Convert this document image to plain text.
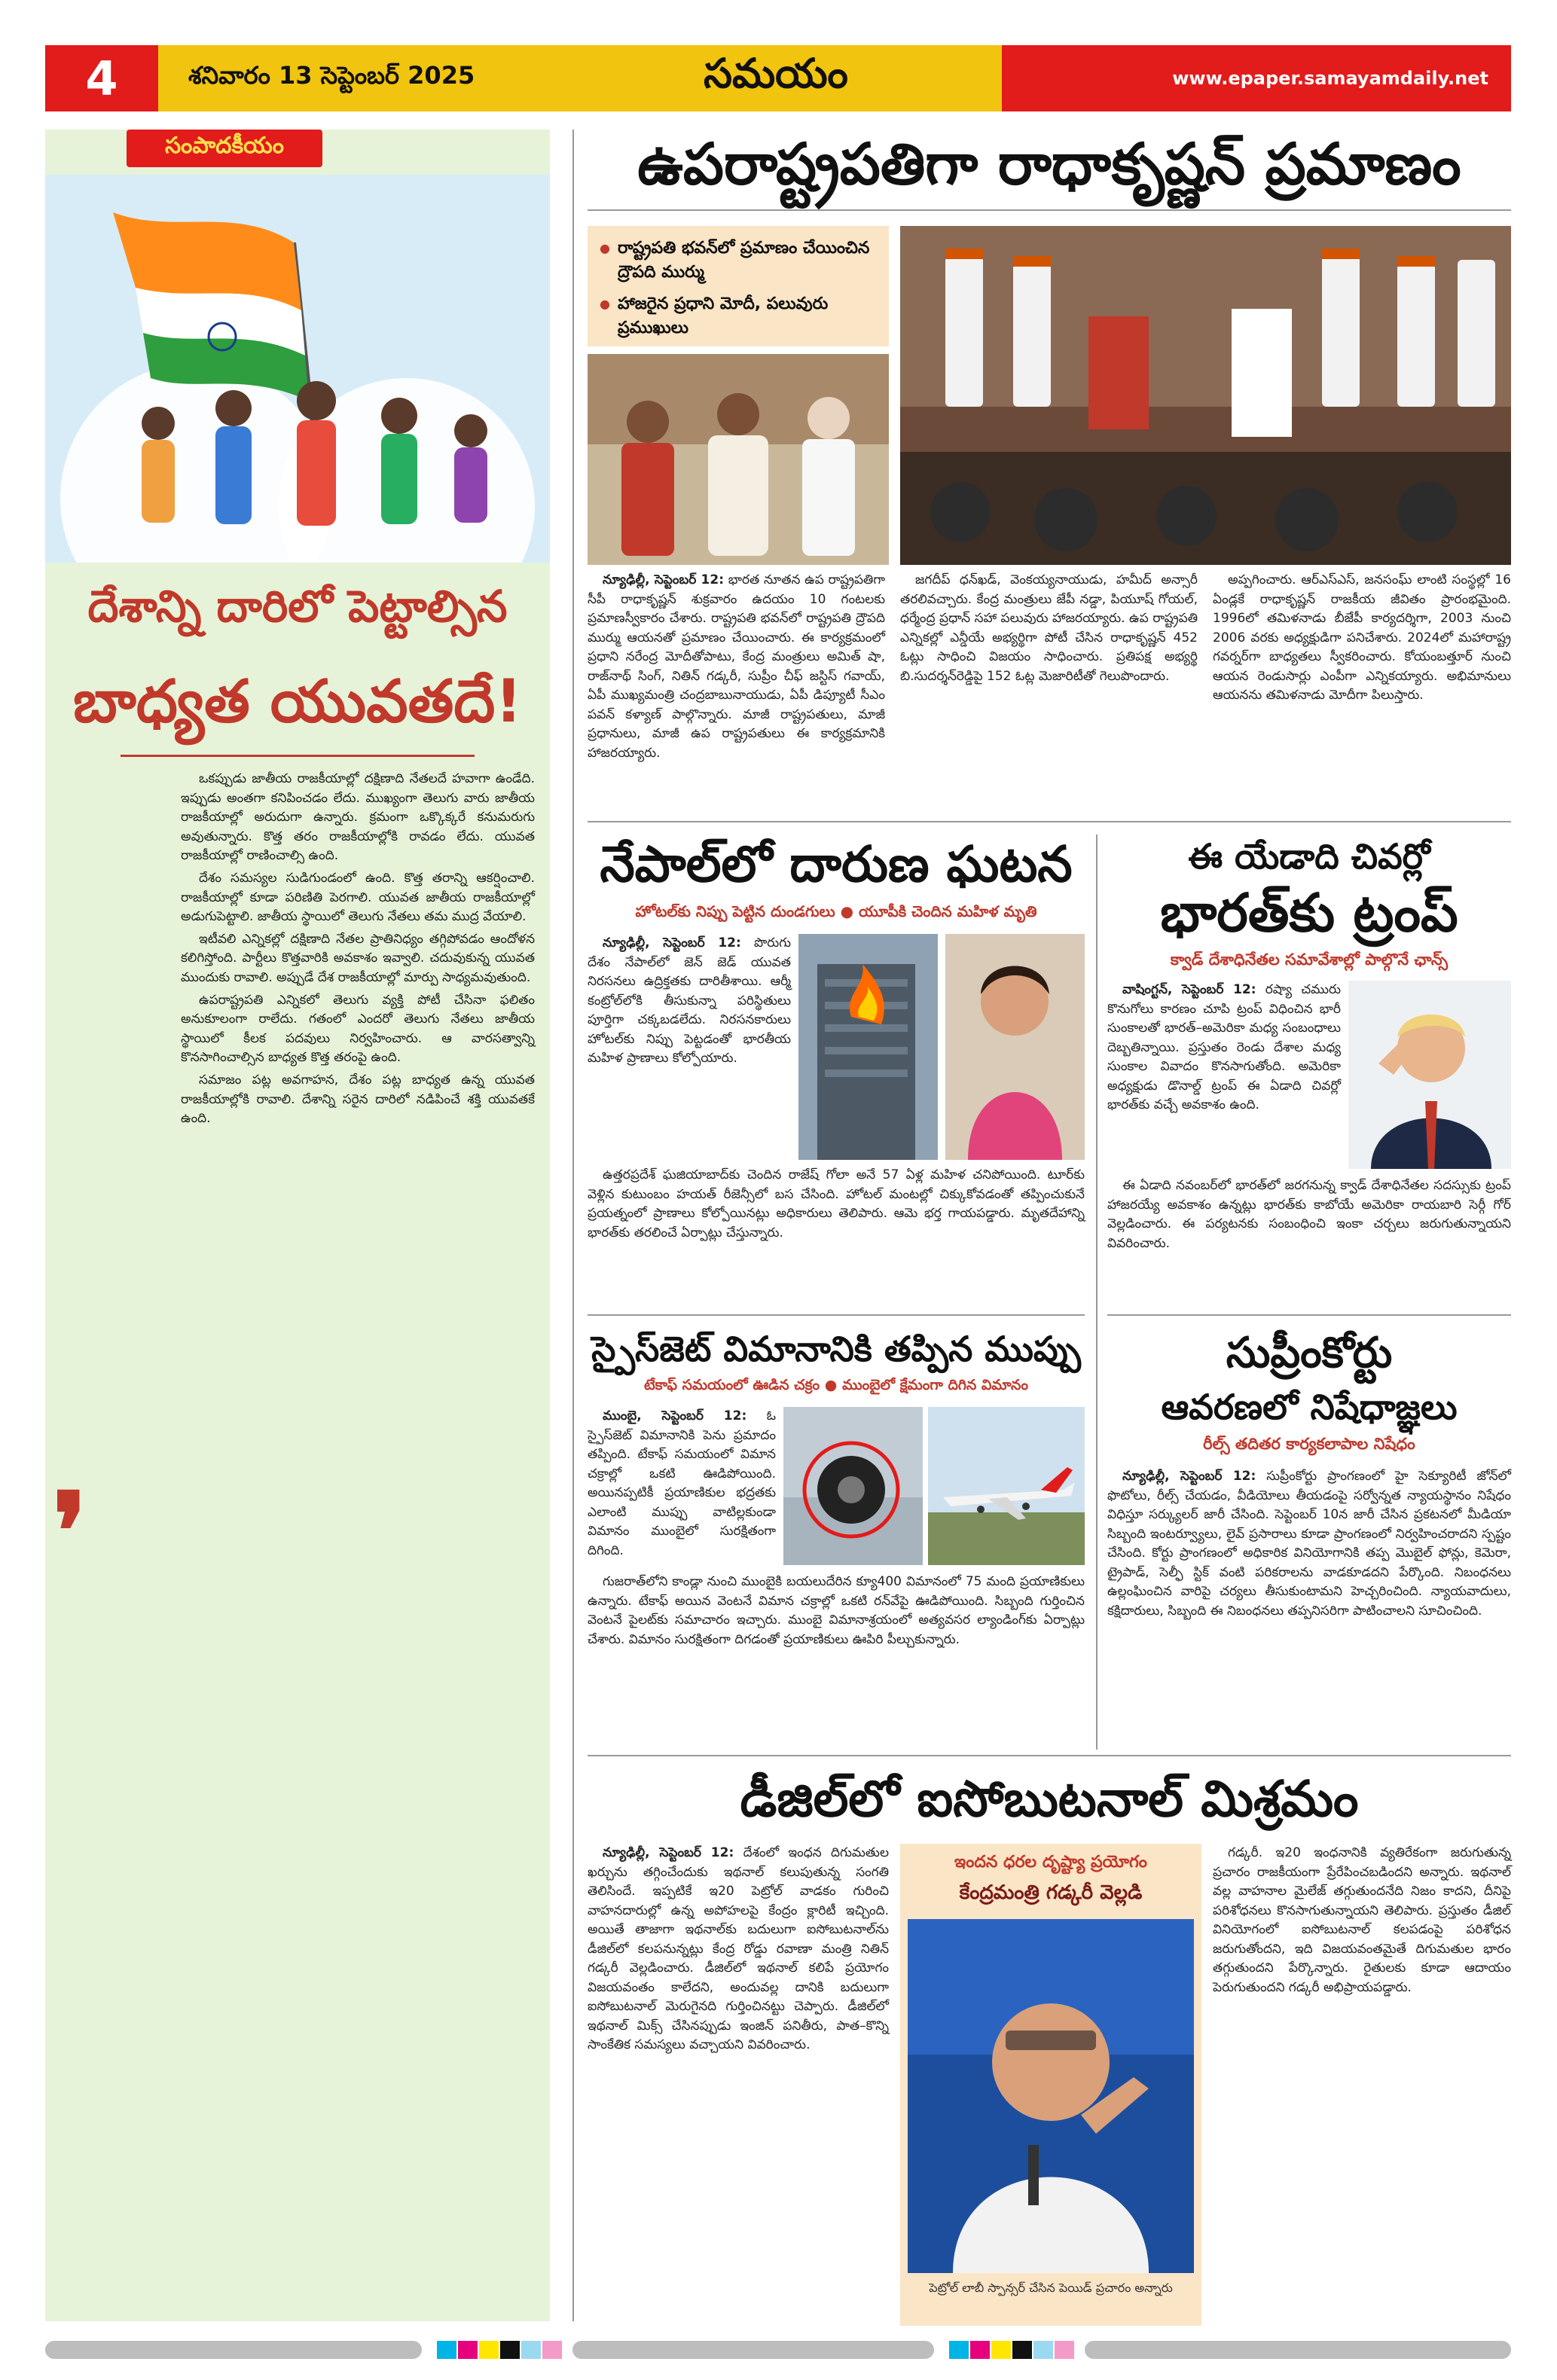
4	శనివారం 13 సెప్టెంబర్ 2025	సమయం	www.epaper.samayamdaily.net
సంపాదకీయం
దేశాన్ని దారిలో పెట్టాల్సిన
బాధ్యత యువతదే!
❜

ఒకప్పుడు జాతీయ రాజకీయాల్లో దక్షిణాది నేతలదే హవాగా ఉండేది. ఇప్పుడు అంతగా కనిపించడం లేదు. ముఖ్యంగా తెలుగు వారు జాతీయ రాజకీయాల్లో అరుదుగా ఉన్నారు. క్రమంగా ఒక్కొక్కరే కనుమరుగు అవుతున్నారు. కొత్త తరం రాజకీయాల్లోకి రావడం లేదు. యువత రాజకీయాల్లో రాణించాల్సి ఉంది.

దేశం సమస్యల సుడిగుండంలో ఉంది. కొత్త తరాన్ని ఆకర్షించాలి. రాజకీయాల్లో కూడా పరిణితి పెరగాలి. యువత జాతీయ రాజకీయాల్లో అడుగుపెట్టాలి. జాతీయ స్థాయిలో తెలుగు నేతలు తమ ముద్ర వేయాలి.

ఇటీవలి ఎన్నికల్లో దక్షిణాది నేతల ప్రాతినిధ్యం తగ్గిపోవడం ఆందోళన కలిగిస్తోంది. పార్టీలు కొత్తవారికి అవకాశం ఇవ్వాలి. చదువుకున్న యువత ముందుకు రావాలి. అప్పుడే దేశ రాజకీయాల్లో మార్పు సాధ్యమవుతుంది.

ఉపరాష్ట్రపతి ఎన్నికలో తెలుగు వ్యక్తి పోటీ చేసినా ఫలితం అనుకూలంగా రాలేదు. గతంలో ఎందరో తెలుగు నేతలు జాతీయ స్థాయిలో కీలక పదవులు నిర్వహించారు. ఆ వారసత్వాన్ని కొనసాగించాల్సిన బాధ్యత కొత్త తరంపై ఉంది.

సమాజం పట్ల అవగాహన, దేశం పట్ల బాధ్యత ఉన్న యువత రాజకీయాల్లోకి రావాలి. దేశాన్ని సరైన దారిలో నడిపించే శక్తి యువతకే ఉంది.

ఉపరాష్ట్రపతిగా రాధాకృష్ణన్ ప్రమాణం
● రాష్ట్రపతి భవన్‌లో ప్రమాణం చేయించిన ద్రౌపది ముర్ము
● హాజరైన ప్రధాని మోదీ, పలువురు ప్రముఖులు

న్యూఢిల్లీ, సెప్టెంబర్ 12: భారత నూతన ఉప రాష్ట్రపతిగా సీపీ రాధాకృష్ణన్ శుక్రవారం ఉదయం 10 గంటలకు ప్రమాణస్వీకారం చేశారు. రాష్ట్రపతి భవన్‌లో రాష్ట్రపతి ద్రౌపది ముర్ము ఆయనతో ప్రమాణం చేయించారు. ఈ కార్యక్రమంలో ప్రధాని నరేంద్ర మోదీతోపాటు, కేంద్ర మంత్రులు అమిత్ షా, రాజ్‌నాథ్ సింగ్, నితిన్ గడ్కరీ, సుప్రీం చీఫ్ జస్టిస్ గవాయ్, ఏపీ ముఖ్యమంత్రి చంద్రబాబునాయుడు, ఏపీ డిప్యూటీ సీఎం పవన్ కళ్యాణ్ పాల్గొన్నారు. మాజీ రాష్ట్రపతులు, మాజీ ప్రధానులు, మాజీ ఉప రాష్ట్రపతులు ఈ కార్యక్రమానికి హాజరయ్యారు.

జగదీప్ ధన్‌ఖడ్, వెంకయ్యనాయుడు, హమీద్ అన్సారీ తరలివచ్చారు. కేంద్ర మంత్రులు జేపీ నడ్డా, పియూష్ గోయల్, ధర్మేంద్ర ప్రధాన్ సహా పలువురు హాజరయ్యారు. ఉప రాష్ట్రపతి ఎన్నికల్లో ఎన్డీయే అభ్యర్థిగా పోటీ చేసిన రాధాకృష్ణన్ 452 ఓట్లు సాధించి విజయం సాధించారు. ప్రతిపక్ష అభ్యర్థి బి.సుదర్శన్‌రెడ్డిపై 152 ఓట్ల మెజారిటీతో గెలుపొందారు.

అప్పగించారు. ఆర్ఎస్ఎస్, జనసంఘ్ లాంటి సంస్థల్లో 16 ఏండ్లకే రాధాకృష్ణన్ రాజకీయ జీవితం ప్రారంభమైంది. 1996లో తమిళనాడు బీజేపీ కార్యదర్శిగా, 2003 నుంచి 2006 వరకు అధ్యక్షుడిగా పనిచేశారు. 2024లో మహారాష్ట్ర గవర్నర్‌గా బాధ్యతలు స్వీకరించారు. కోయంబత్తూర్ నుంచి ఆయన రెండుసార్లు ఎంపీగా ఎన్నికయ్యారు. అభిమానులు ఆయనను తమిళనాడు మోదీగా పిలుస్తారు.

నేపాల్‌లో దారుణ ఘటన
హోటల్‌కు నిప్పు పెట్టిన దుండగులు ● యూపీకి చెందిన మహిళ మృతి

న్యూఢిల్లీ, సెప్టెంబర్ 12: పొరుగు దేశం నేపాల్‌లో జెన్ జెడ్ యువత నిరసనలు ఉద్రిక్తతకు దారితీశాయి. ఆర్మీ కంట్రోల్‌లోకి తీసుకున్నా పరిస్థితులు పూర్తిగా చక్కబడలేదు. నిరసనకారులు హోటల్‌కు నిప్పు పెట్టడంతో భారతీయ మహిళ ప్రాణాలు కోల్పోయారు.

ఉత్తరప్రదేశ్ ఘజియాబాద్‌కు చెందిన రాజేష్ గోలా అనే 57 ఏళ్ల మహిళ చనిపోయింది. టూర్‌కు వెళ్లిన కుటుంబం హయత్ రీజెన్సీలో బస చేసింది. హోటల్ మంటల్లో చిక్కుకోవడంతో తప్పించుకునే ప్రయత్నంలో ప్రాణాలు కోల్పోయినట్లు అధికారులు తెలిపారు. ఆమె భర్త గాయపడ్డారు. మృతదేహాన్ని భారత్‌కు తరలించే ఏర్పాట్లు చేస్తున్నారు.

స్పైస్‌జెట్ విమానానికి తప్పిన ముప్పు
టేకాఫ్ సమయంలో ఊడిన చక్రం ● ముంబైలో క్షేమంగా దిగిన విమానం

ముంబై, సెప్టెంబర్ 12: ఓ స్పైస్‌జెట్ విమానానికి పెను ప్రమాదం తప్పింది. టేకాఫ్ సమయంలో విమాన చక్రాల్లో ఒకటి ఊడిపోయింది. అయినప్పటికీ ప్రయాణికుల భద్రతకు ఎలాంటి ముప్పు వాటిల్లకుండా విమానం ముంబైలో సురక్షితంగా దిగింది.

గుజరాత్‌లోని కాండ్లా నుంచి ముంబైకి బయలుదేరిన క్యూ400 విమానంలో 75 మంది ప్రయాణికులు ఉన్నారు. టేకాఫ్ అయిన వెంటనే విమాన చక్రాల్లో ఒకటి రన్‌వేపై ఊడిపోయింది. సిబ్బంది గుర్తించిన వెంటనే పైలట్‌కు సమాచారం ఇచ్చారు. ముంబై విమానాశ్రయంలో అత్యవసర ల్యాండింగ్‌కు ఏర్పాట్లు చేశారు. విమానం సురక్షితంగా దిగడంతో ప్రయాణికులు ఊపిరి పీల్చుకున్నారు.

ఈ యేడాది చివర్లో
భారత్‌కు ట్రంప్
క్వాడ్ దేశాధినేతల సమావేశాల్లో పాల్గొనే ఛాన్స్

వాషింగ్టన్, సెప్టెంబర్ 12: రష్యా చమురు కొనుగోలు కారణం చూపి ట్రంప్ విధించిన భారీ సుంకాలతో భారత్–అమెరికా మధ్య సంబంధాలు దెబ్బతిన్నాయి. ప్రస్తుతం రెండు దేశాల మధ్య సుంకాల వివాదం కొనసాగుతోంది. అమెరికా అధ్యక్షుడు డొనాల్డ్ ట్రంప్ ఈ ఏడాది చివర్లో భారత్‌కు వచ్చే అవకాశం ఉంది.

ఈ ఏడాది నవంబర్‌లో భారత్‌లో జరగనున్న క్వాడ్ దేశాధినేతల సదస్సుకు ట్రంప్ హాజరయ్యే అవకాశం ఉన్నట్లు భారత్‌కు కాబోయే అమెరికా రాయబారి సెర్గీ గోర్ వెల్లడించారు. ఈ పర్యటనకు సంబంధించి ఇంకా చర్చలు జరుగుతున్నాయని వివరించారు.

సుప్రీంకోర్టు
ఆవరణలో నిషేధాజ్ఞలు
రీల్స్ తదితర కార్యకలాపాల నిషేధం

న్యూఢిల్లీ, సెప్టెంబర్ 12: సుప్రీంకోర్టు ప్రాంగణంలో హై సెక్యూరిటీ జోన్‌లో ఫొటోలు, రీల్స్ చేయడం, వీడియోలు తీయడంపై సర్వోన్నత న్యాయస్థానం నిషేధం విధిస్తూ సర్క్యులర్ జారీ చేసింది. సెప్టెంబర్ 10న జారీ చేసిన ప్రకటనలో మీడియా సిబ్బంది ఇంటర్వ్యూలు, లైవ్ ప్రసారాలు కూడా ప్రాంగణంలో నిర్వహించరాదని స్పష్టం చేసింది. కోర్టు ప్రాంగణంలో అధికారిక వినియోగానికి తప్ప మొబైల్ ఫోన్లు, కెమెరా, ట్రైపాడ్, సెల్ఫీ స్టిక్ వంటి పరికరాలను వాడకూడదని పేర్కొంది. నిబంధనలు ఉల్లంఘించిన వారిపై చర్యలు తీసుకుంటామని హెచ్చరించింది. న్యాయవాదులు, కక్షిదారులు, సిబ్బంది ఈ నిబంధనలు తప్పనిసరిగా పాటించాలని సూచించింది.

డీజిల్‌లో ఐసోబుటనాల్ మిశ్రమం

న్యూఢిల్లీ, సెప్టెంబర్ 12: దేశంలో ఇంధన దిగుమతుల ఖర్చును తగ్గించేందుకు ఇథనాల్ కలుపుతున్న సంగతి తెలిసిందే. ఇప్పటికే ఇ20 పెట్రోల్ వాడకం గురించి వాహనదారుల్లో ఉన్న అపోహలపై కేంద్రం క్లారిటీ ఇచ్చింది. అయితే తాజాగా ఇథనాల్‌కు బదులుగా ఐసోబుటనాల్‌ను డీజిల్‌లో కలపనున్నట్లు కేంద్ర రోడ్డు రవాణా మంత్రి నితిన్ గడ్కరీ వెల్లడించారు. డీజిల్‌లో ఇథనాల్ కలిపే ప్రయోగం విజయవంతం కాలేదని, అందువల్ల దానికి బదులుగా ఐసోబుటనాల్ మెరుగైనది గుర్తించినట్టు చెప్పారు. డీజిల్‌లో ఇథనాల్ మిక్స్ చేసినప్పుడు ఇంజిన్ పనితీరు, పాత–కొన్ని సాంకేతిక సమస్యలు వచ్చాయని వివరించారు.

ఇందన ధరల దృష్ట్యా ప్రయోగం
కేంద్రమంత్రి గడ్కరీ వెల్లడి
పెట్రోల్ లాబీ స్పాన్సర్ చేసిన పెయిడ్ ప్రచారం అన్నారు

గడ్కరీ. ఇ20 ఇంధనానికి వ్యతిరేకంగా జరుగుతున్న ప్రచారం రాజకీయంగా ప్రేరేపించబడిందని అన్నారు. ఇథనాల్ వల్ల వాహనాల మైలేజ్ తగ్గుతుందనేది నిజం కాదని, దీనిపై పరిశోధనలు కొనసాగుతున్నాయని తెలిపారు. ప్రస్తుతం డీజిల్ వినియోగంలో ఐసోబుటనాల్ కలపడంపై పరిశోధన జరుగుతోందని, ఇది విజయవంతమైతే దిగుమతుల భారం తగ్గుతుందని పేర్కొన్నారు. రైతులకు కూడా ఆదాయం పెరుగుతుందని గడ్కరీ అభిప్రాయపడ్డారు.
